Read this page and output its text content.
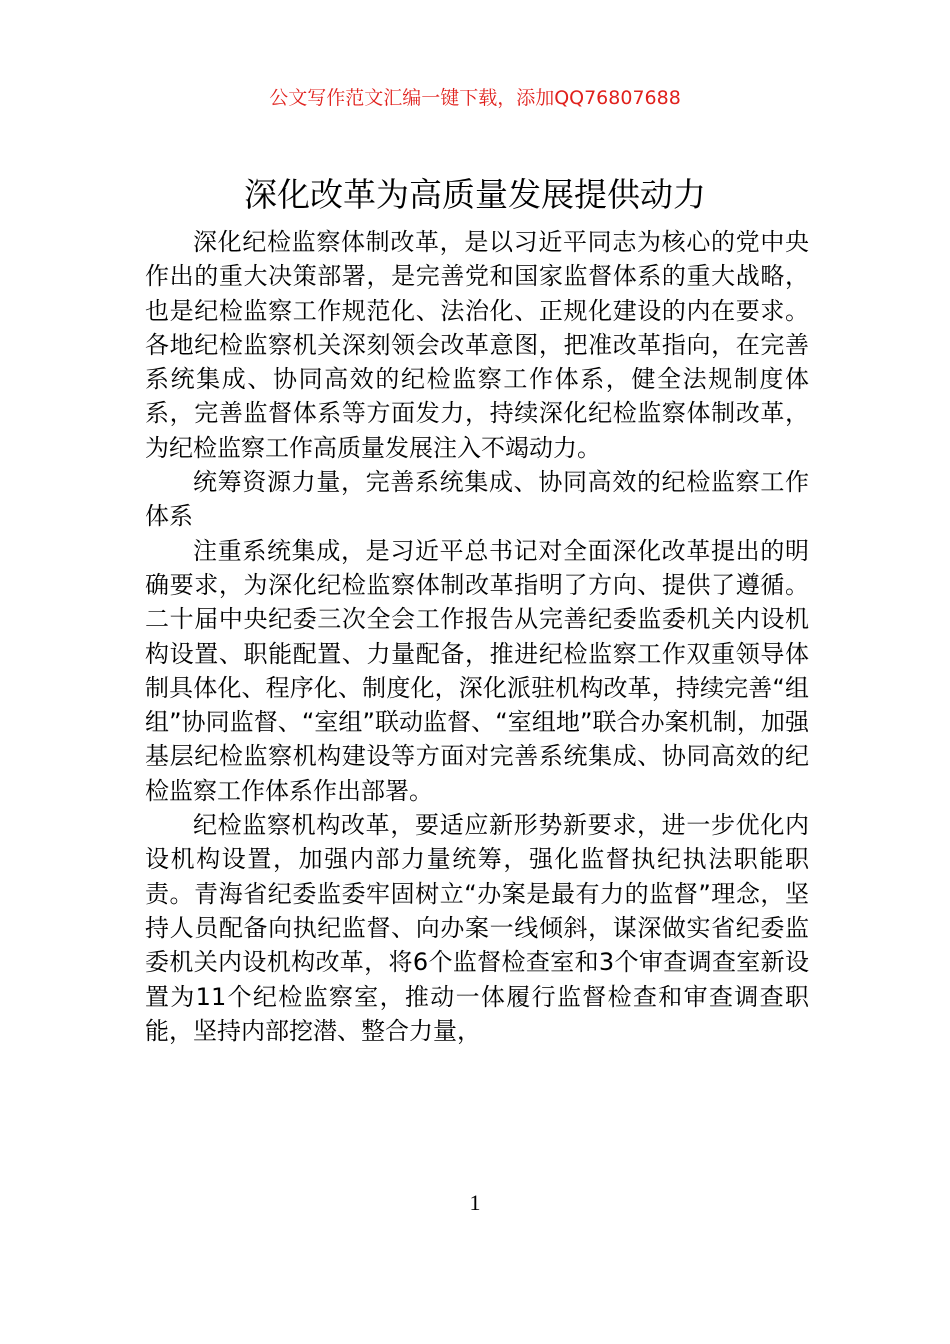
公文写作范文汇编一键下载，添加QQ76807688
深化改革为高质量发展提供动力

深化纪检监察体制改革，是以习近平同志为核心的党中央作出的重大决策部署，是完善党和国家监督体系的重大战略，也是纪检监察工作规范化、法治化、正规化建设的内在要求。各地纪检监察机关深刻领会改革意图，把准改革指向，在完善系统集成、协同高效的纪检监察工作体系，健全法规制度体系，完善监督体系等方面发力，持续深化纪检监察体制改革，为纪检监察工作高质量发展注入不竭动力。

统筹资源力量，完善系统集成、协同高效的纪检监察工作体系

注重系统集成，是习近平总书记对全面深化改革提出的明确要求，为深化纪检监察体制改革指明了方向、提供了遵循。二十届中央纪委三次全会工作报告从完善纪委监委机关内设机构设置、职能配置、力量配备，推进纪检监察工作双重领导体制具体化、程序化、制度化，深化派驻机构改革，持续完善“组组”协同监督、“室组”联动监督、“室组地”联合办案机制，加强基层纪检监察机构建设等方面对完善系统集成、协同高效的纪检监察工作体系作出部署。

纪检监察机构改革，要适应新形势新要求，进一步优化内设机构设置，加强内部力量统筹，强化监督执纪执法职能职责。青海省纪委监委牢固树立“办案是最有力的监督”理念，坚持人员配备向执纪监督、向办案一线倾斜，谋深做实省纪委监委机关内设机构改革，将6个监督检查室和3个审查调查室新设置为11个纪检监察室，推动一体履行监督检查和审查调查职能，坚持内部挖潜、整合力量，

1
